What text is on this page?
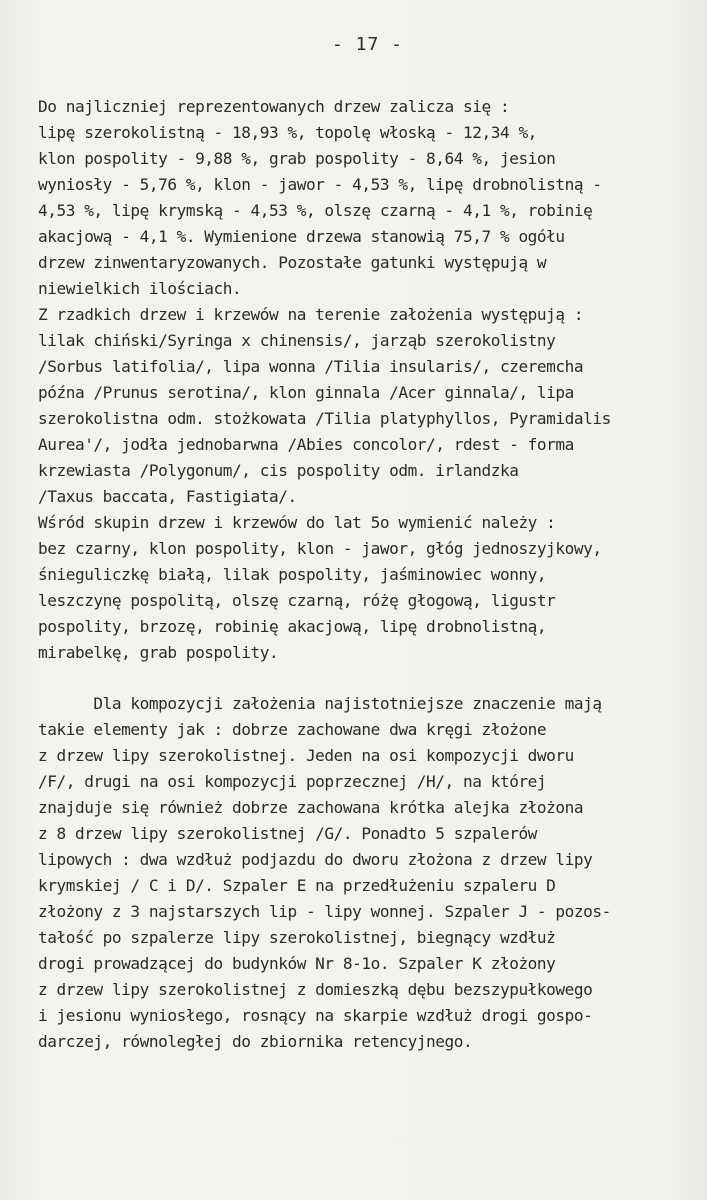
- 17 -
Do najliczniej reprezentowanych drzew zalicza się :
lipę szerokolistną - 18,93 %, topolę włoską - 12,34 %,
klon pospolity - 9,88 %, grab pospolity - 8,64 %, jesion
wyniosły - 5,76 %, klon - jawor - 4,53 %, lipę drobnolistną -
4,53 %, lipę krymską - 4,53 %, olszę czarną - 4,1 %, robinię
akacjową - 4,1 %. Wymienione drzewa stanowią 75,7 % ogółu
drzew zinwentaryzowanych. Pozostałe gatunki występują w
niewielkich ilościach.
Z rzadkich drzew i krzewów na terenie założenia występują :
lilak chiński/Syringa x chinensis/, jarząb szerokolistny
/Sorbus latifolia/, lipa wonna /Tilia insularis/, czeremcha
późna /Prunus serotina/, klon ginnala /Acer ginnala/, lipa
szerokolistna odm. stożkowata /Tilia platyphyllos, Pyramidalis
Aurea'/, jodła jednobarwna /Abies concolor/, rdest - forma
krzewiasta /Polygonum/, cis pospolity odm. irlandzka
/Taxus baccata, Fastigiata/.
Wśród skupin drzew i krzewów do lat 5o wymienić należy :
bez czarny, klon pospolity, klon - jawor, głóg jednoszyjkowy,
śnieguliczkę białą, lilak pospolity, jaśminowiec wonny,
leszczynę pospolitą, olszę czarną, różę głogową, ligustr
pospolity, brzozę, robinię akacjową, lipę drobnolistną,
mirabelkę, grab pospolity.
Dla kompozycji założenia najistotniejsze znaczenie mają
takie elementy jak : dobrze zachowane dwa kręgi złożone
z drzew lipy szerokolistnej. Jeden na osi kompozycji dworu
/F/, drugi na osi kompozycji poprzecznej /H/, na której
znajduje się również dobrze zachowana krótka alejka złożona
z 8 drzew lipy szerokolistnej /G/. Ponadto 5 szpalerów
lipowych : dwa wzdłuż podjazdu do dworu złożona z drzew lipy
krymskiej / C i D/. Szpaler E na przedłużeniu szpaleru D
złożony z 3 najstarszych lip - lipy wonnej. Szpaler J - pozos-
tałość po szpalerze lipy szerokolistnej, biegnący wzdłuż
drogi prowadzącej do budynków Nr 8-1o. Szpaler K złożony
z drzew lipy szerokolistnej z domieszką dębu bezszypułkowego
i jesionu wyniosłego, rosnący na skarpie wzdłuż drogi gospo-
darczej, równoległej do zbiornika retencyjnego.
